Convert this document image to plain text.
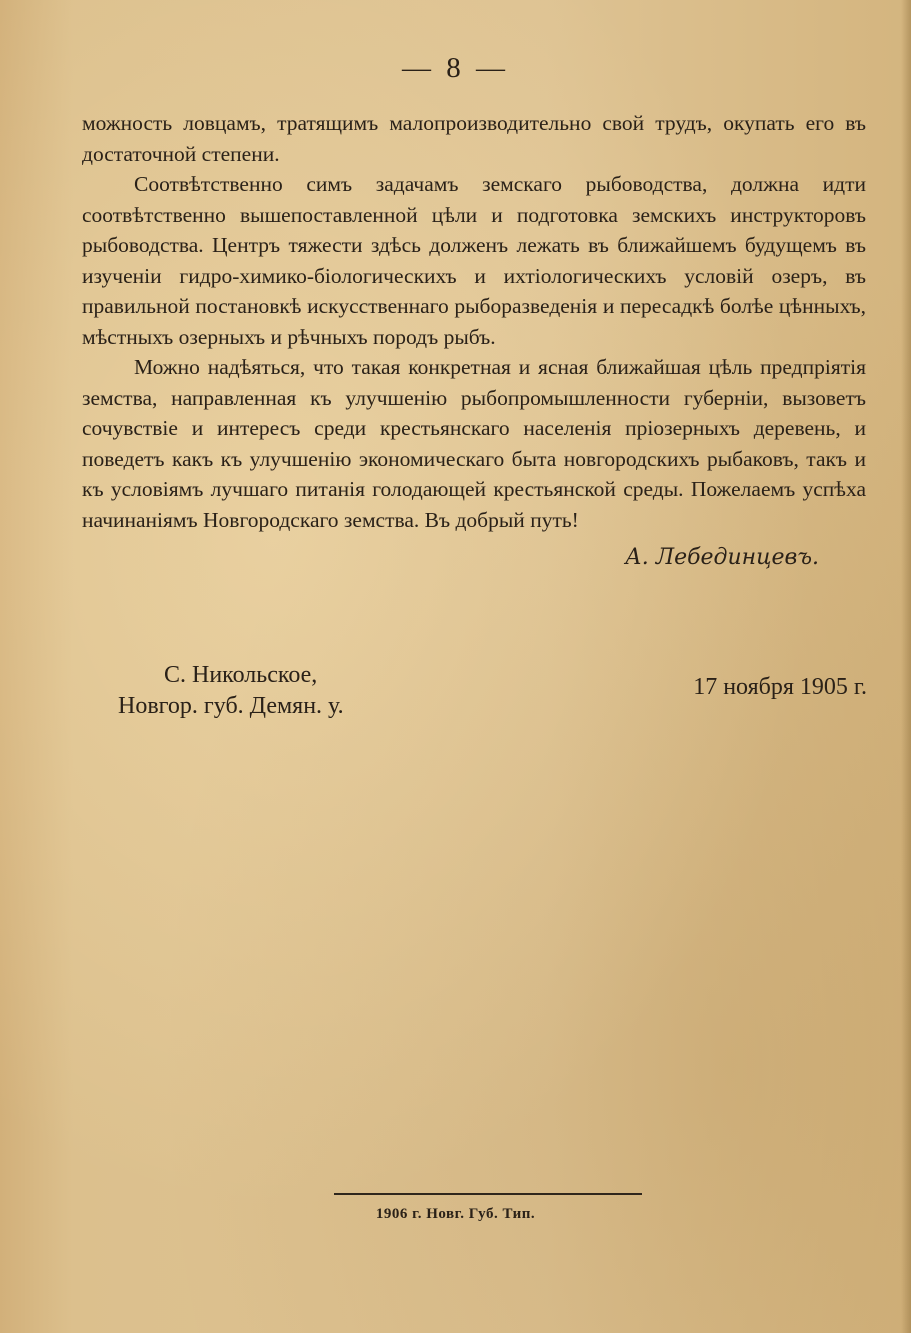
— 8 —

можность ловцамъ, тратящимъ малопроизводительно свой трудъ, окупать его въ достаточной степени.

Соотвѣтственно симъ задачамъ земскаго рыбоводства, должна идти соотвѣтственно вышепоставленной цѣли и подготовка земскихъ инструкторовъ рыбоводства. Центръ тяжести здѣсь долженъ лежать въ ближайшемъ будущемъ въ изученіи гидро-химико-біологическихъ и ихтіологическихъ условій озеръ, въ правильной постановкѣ искусственнаго рыборазведенія и пересадкѣ болѣе цѣнныхъ, мѣстныхъ озерныхъ и рѣчныхъ породъ рыбъ.

Можно надѣяться, что такая конкретная и ясная ближайшая цѣль предпріятія земства, направленная къ улучшенію рыбопромышленности губерніи, вызоветъ сочувствіе и интересъ среди крестьянскаго населенія пріозерныхъ деревень, и поведетъ какъ къ улучшенію экономическаго быта новгородскихъ рыбаковъ, такъ и къ условіямъ лучшаго питанія голодающей крестьянской среды. Пожелаемъ успѣха начинаніямъ Новгородскаго земства. Въ добрый путь!

А. Лебединцевъ.
С. Никольское,
Новгор. губ. Демян. у.
17 ноября 1905 г.
1906 г. Новг. Губ. Тип.
